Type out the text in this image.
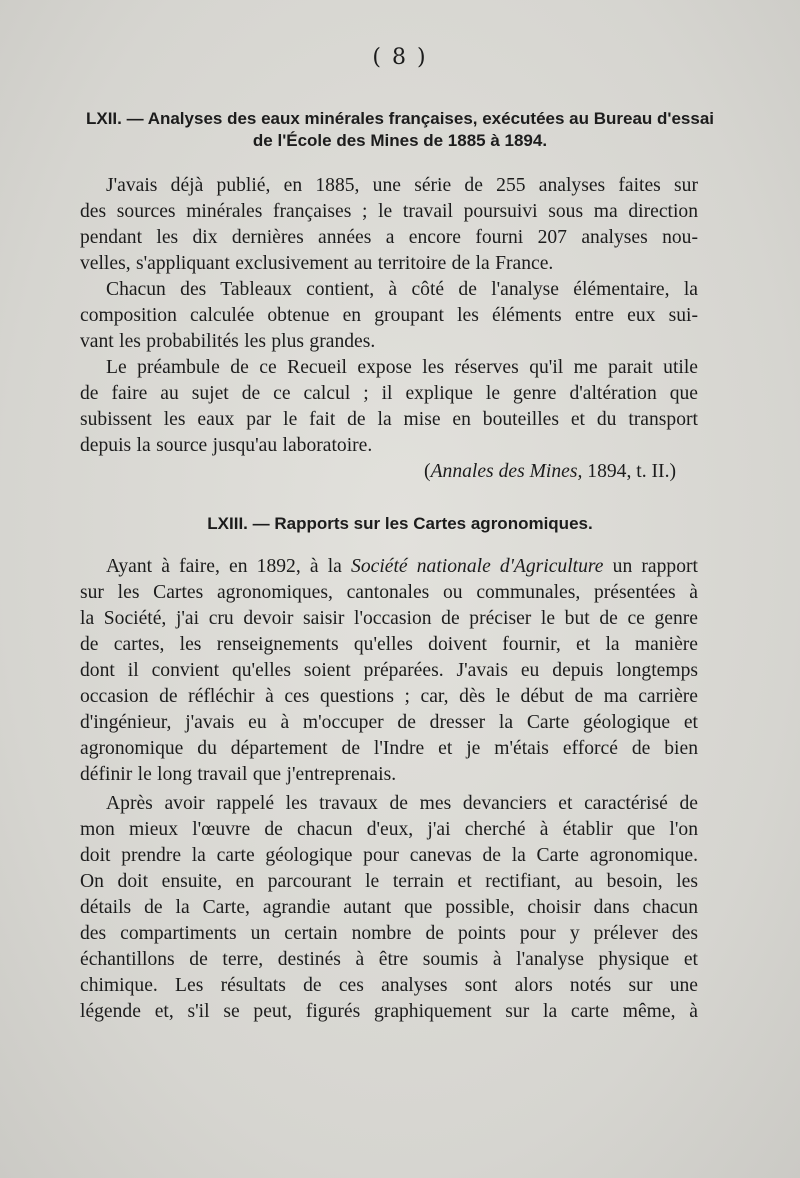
( 8 )
LXII. — Analyses des eaux minérales françaises, exécutées au Bureau d'essai
de l'École des Mines de 1885 à 1894.
J'avais déjà publié, en 1885, une série de 255 analyses faites sur
des sources minérales françaises ; le travail poursuivi sous ma direction
pendant les dix dernières années a encore fourni 207 analyses nou-
velles, s'appliquant exclusivement au territoire de la France.
Chacun des Tableaux contient, à côté de l'analyse élémentaire, la
composition calculée obtenue en groupant les éléments entre eux sui-
vant les probabilités les plus grandes.
Le préambule de ce Recueil expose les réserves qu'il me parait utile
de faire au sujet de ce calcul ; il explique le genre d'altération que
subissent les eaux par le fait de la mise en bouteilles et du transport
depuis la source jusqu'au laboratoire.
(Annales des Mines, 1894, t. II.)
LXIII. — Rapports sur les Cartes agronomiques.
Ayant à faire, en 1892, à la Société nationale d'Agriculture un rapport
sur les Cartes agronomiques, cantonales ou communales, présentées à
la Société, j'ai cru devoir saisir l'occasion de préciser le but de ce genre
de cartes, les renseignements qu'elles doivent fournir, et la manière
dont il convient qu'elles soient préparées. J'avais eu depuis longtemps
occasion de réfléchir à ces questions ; car, dès le début de ma carrière
d'ingénieur, j'avais eu à m'occuper de dresser la Carte géologique et
agronomique du département de l'Indre et je m'étais efforcé de bien
définir le long travail que j'entreprenais.
Après avoir rappelé les travaux de mes devanciers et caractérisé de
mon mieux l'œuvre de chacun d'eux, j'ai cherché à établir que l'on
doit prendre la carte géologique pour canevas de la Carte agronomique.
On doit ensuite, en parcourant le terrain et rectifiant, au besoin, les
détails de la Carte, agrandie autant que possible, choisir dans chacun
des compartiments un certain nombre de points pour y prélever des
échantillons de terre, destinés à être soumis à l'analyse physique et
chimique. Les résultats de ces analyses sont alors notés sur une
légende et, s'il se peut, figurés graphiquement sur la carte même, à
